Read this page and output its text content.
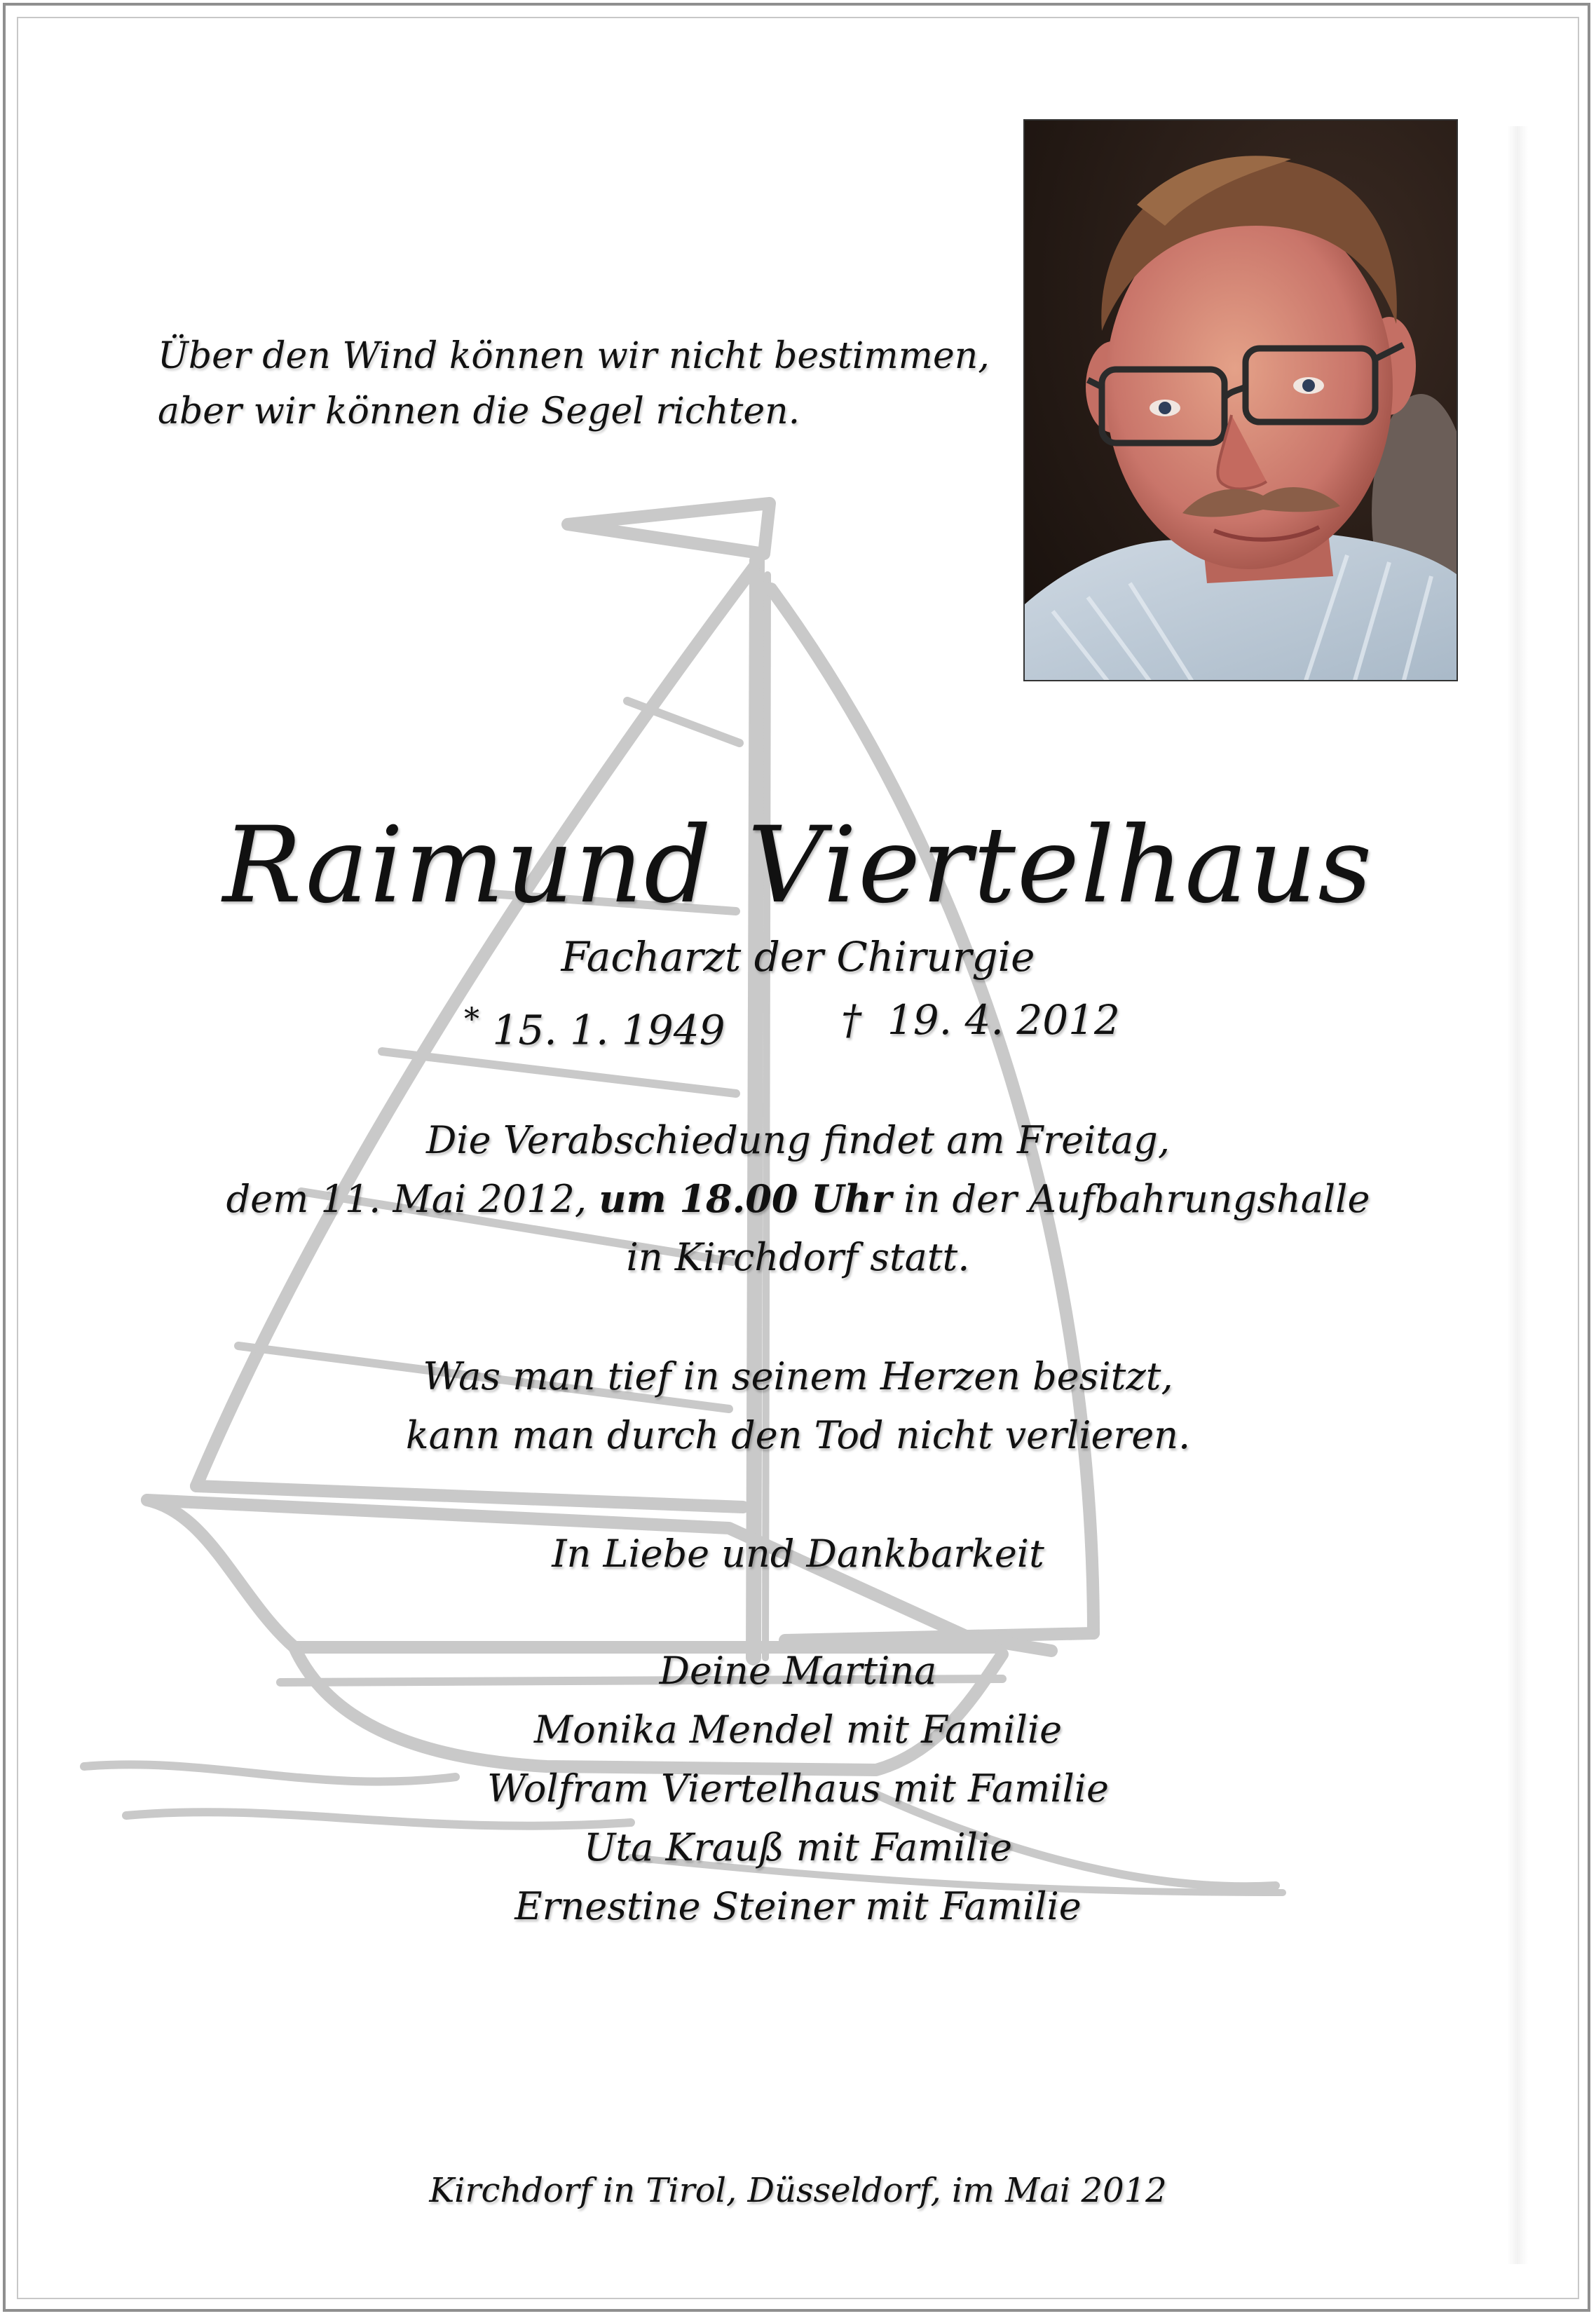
Über den Wind können wir nicht bestimmen,
aber wir können die Segel richten.
Raimund Viertelhaus
Facharzt der Chirurgie
* 15. 1. 1949	† 19. 4. 2012
Die Verabschiedung findet am Freitag,
dem 11. Mai 2012, um 18.00 Uhr in der Aufbahrungshalle
in Kirchdorf statt.
Was man tief in seinem Herzen besitzt,
kann man durch den Tod nicht verlieren.
In Liebe und Dankbarkeit
Deine Martina
Monika Mendel mit Familie
Wolfram Viertelhaus mit Familie
Uta Krauß mit Familie
Ernestine Steiner mit Familie
Kirchdorf in Tirol, Düsseldorf, im Mai 2012
